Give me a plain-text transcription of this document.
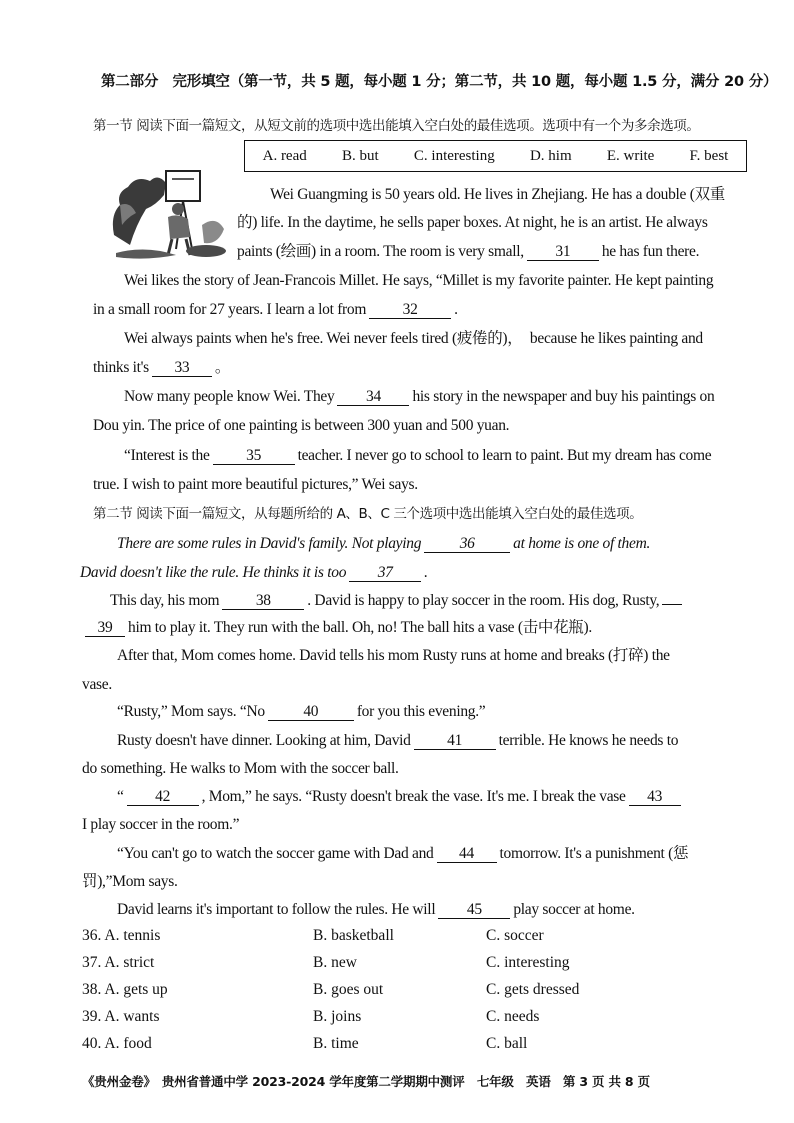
第二部分　完形填空（第一节，共 5 题，每小题 1 分；第二节，共 10 题，每小题 1.5 分，满分 20 分）
第一节 阅读下面一篇短文，从短文前的选项中选出能填入空白处的最佳选项。选项中有一个为多余选项。
A. read B. but C. interesting D. him E. write F. best
Wei Guangming is 50 years old. He lives in Zhejiang. He has a double (双重
的) life. In the daytime, he sells paper boxes. At night, he is an artist. He always
paints (绘画) in a room. The room is very small, 31 he has fun there.
Wei likes the story of Jean-Francois Millet. He says, “Millet is my favorite painter. He kept painting
in a small room for 27 years. I learn a lot from 32 .
Wei always paints when he's free. Wei never feels tired (疲倦的)，　because he likes painting and
thinks it's 33 。
Now many people know Wei. They 34 his story in the newspaper and buy his paintings on
Dou yin. The price of one painting is between 300 yuan and 500 yuan.
“Interest is the 35 teacher. I never go to school to learn to paint. But my dream has come
true. I wish to paint more beautiful pictures,” Wei says.
第二节 阅读下面一篇短文，从每题所给的 A、B、C 三个选项中选出能填入空白处的最佳选项。
There are some rules in David's family. Not playing 36 at home is one of them.
David doesn't like the rule. He thinks it is too 37 .
This day, his mom 38 . David is happy to play soccer in the room. His dog, Rusty,
39 him to play it. They run with the ball. Oh, no! The ball hits a vase (击中花瓶).
After that, Mom comes home. David tells his mom Rusty runs at home and breaks (打碎) the
vase.
“Rusty,” Mom says. “No 40 for you this evening.”
Rusty doesn't have dinner. Looking at him, David 41 terrible. He knows he needs to
do something. He walks to Mom with the soccer ball.
“ 42 , Mom,” he says. “Rusty doesn't break the vase. It's me. I break the vase 43
I play soccer in the room.”
“You can't go to watch the soccer game with Dad and 44 tomorrow. It's a punishment (惩
罚),”Mom says.
David learns it's important to follow the rules. He will 45 play soccer at home.
36. A. tennis	B. basketball	C. soccer
37. A. strict	B. new	C. interesting
38. A. gets up	B. goes out	C. gets dressed
39. A. wants	B. joins	C. needs
40. A. food	B. time	C. ball
《贵州金卷》　贵州省普通中学 2023-2024 学年度第二学期期中测评　七年级　英语　第 3 页 共 8 页
